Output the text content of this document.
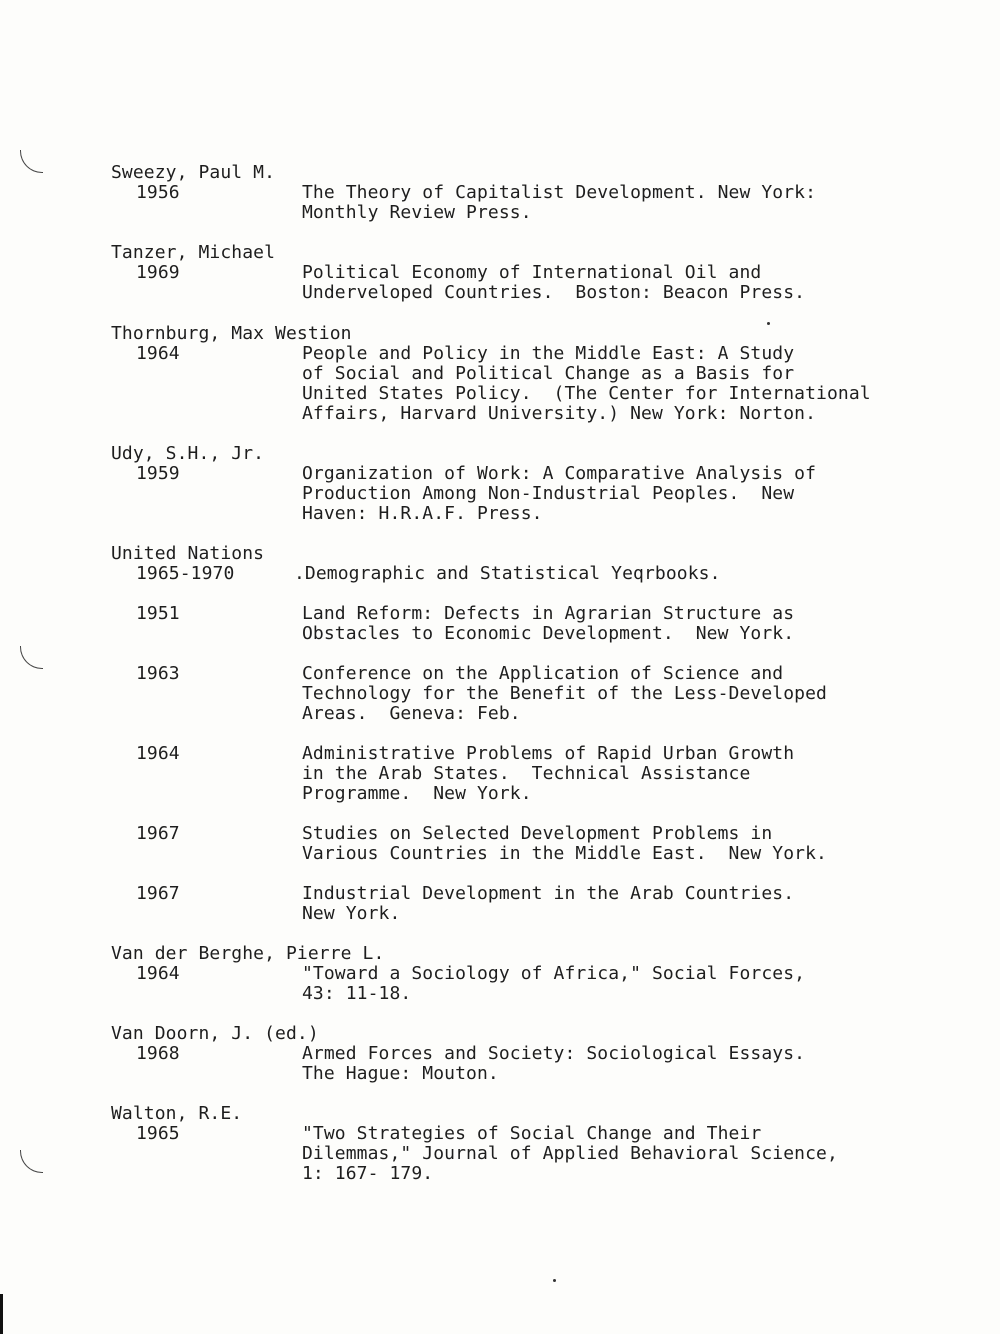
Sweezy, Paul M.
1956	The Theory of Capitalist Development. New York:
Monthly Review Press.
Tanzer, Michael
1969	Political Economy of International Oil and
Underveloped Countries.  Boston: Beacon Press.
Thornburg, Max Westion
1964	People and Policy in the Middle East: A Study
of Social and Political Change as a Basis for
United States Policy.  (The Center for International
Affairs, Harvard University.) New York: Norton.
Udy, S.H., Jr.
1959	Organization of Work: A Comparative Analysis of
Production Among Non-Industrial Peoples.  New
Haven: H.R.A.F. Press.
United Nations
1965-1970	.Demographic and Statistical Yeqrbooks.
1951	Land Reform: Defects in Agrarian Structure as
Obstacles to Economic Development.  New York.
1963	Conference on the Application of Science and
Technology for the Benefit of the Less-Developed
Areas.  Geneva: Feb.
1964	Administrative Problems of Rapid Urban Growth
in the Arab States.  Technical Assistance
Programme.  New York.
1967	Studies on Selected Development Problems in
Various Countries in the Middle East.  New York.
1967	Industrial Development in the Arab Countries.
New York.
Van der Berghe, Pierre L.
1964	"Toward a Sociology of Africa," Social Forces,
43: 11-18.
Van Doorn, J. (ed.)
1968	Armed Forces and Society: Sociological Essays.
The Hague: Mouton.
Walton, R.E.
1965	"Two Strategies of Social Change and Their
Dilemmas," Journal of Applied Behavioral Science,
1: 167- 179.
